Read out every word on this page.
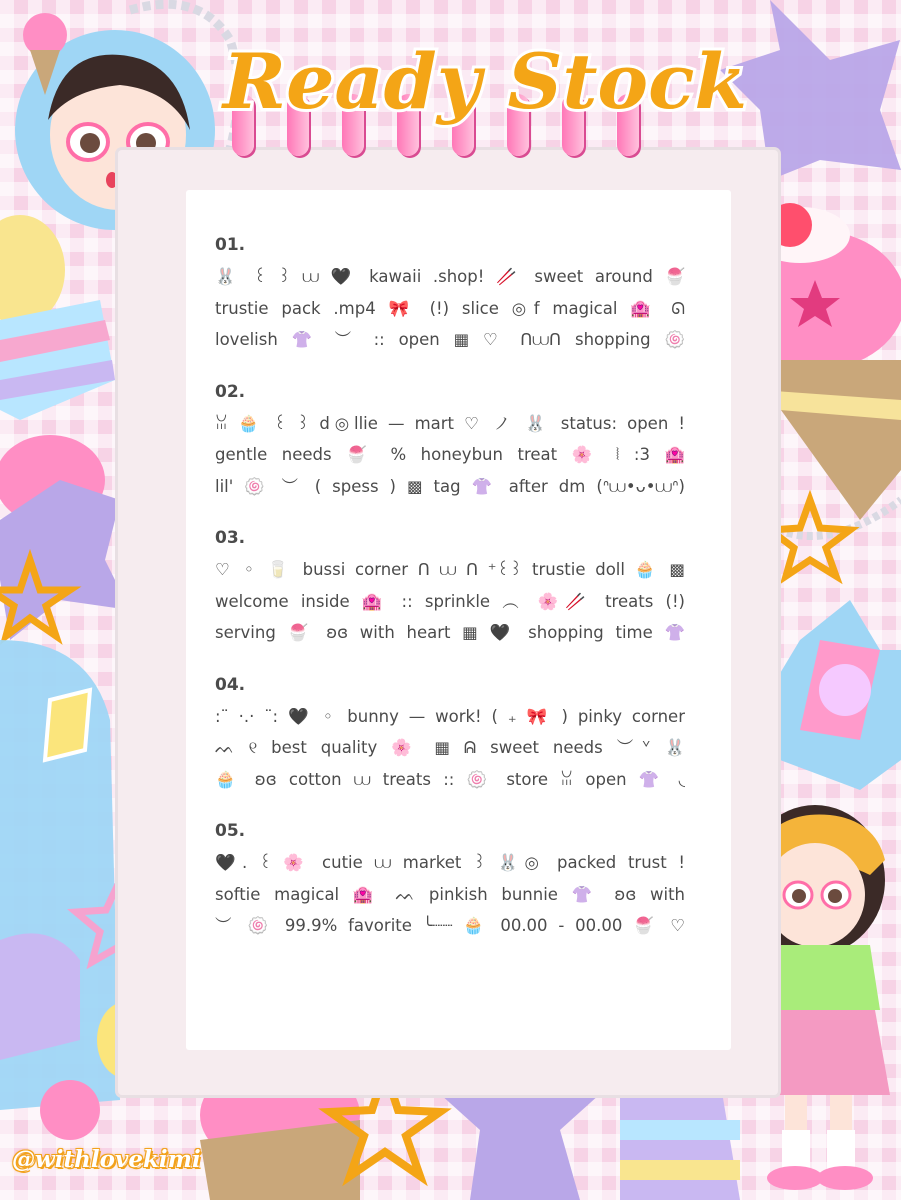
Ready Stock
01.
🐰 ꒰ ꒱ ⩊ 🖤 kawaii .shop! 🥢 sweet around 🍧
trustie pack .mp4 🎀 (!) slice ◎f magical 🏩 ᘏ
lovelish 👚 ︶ :: open ▦ ♡ ᑎ⩊ᑎ shopping 🍥
02.
ꈍ 🧁 ꒰ ꒱ d◎llie — mart ♡ ノ 🐰 status: open !
gentle needs 🍧 % honeybun treat 🌸 ⦚ :3 🏩
lil' 🍥 ︶ ( spess ) ▩ tag 👚 after dm (ᐢ⩊•ᴗ•⩊ᐢ)
03.
♡ ◦ 🥛 bussi corner ᑎ ⩊ ᑎ ⁺꒰꒱ trustie doll 🧁 ▩
welcome inside 🏩 :: sprinkle ︵ 🌸🥢 treats (!)
serving 🍧 ʚɞ with heart ▦ 🖤 shopping time 👚
04.
:¨ ·.· ¨: 🖤 ◦ bunny — work! ( ₊ 🎀 ) pinky corner
ᨓ ୧ best quality 🌸 ▦ ᕱ sweet needs ︶ᘁ 🐰
🧁 ʚɞ cotton ⩊ treats :: 🍥 store ꈍ open 👚 ◟
05.
🖤. ꒰ 🌸 cutie ⩊ market ꒱ 🐰◎ packed trust !
softie magical 🏩 ᨓ pinkish bunnie 👚 ʚɞ with
︶ 🍥 99.9% favorite ╰┈┈ 🧁 00.00 - 00.00 🍧 ♡
@withlovekimi
